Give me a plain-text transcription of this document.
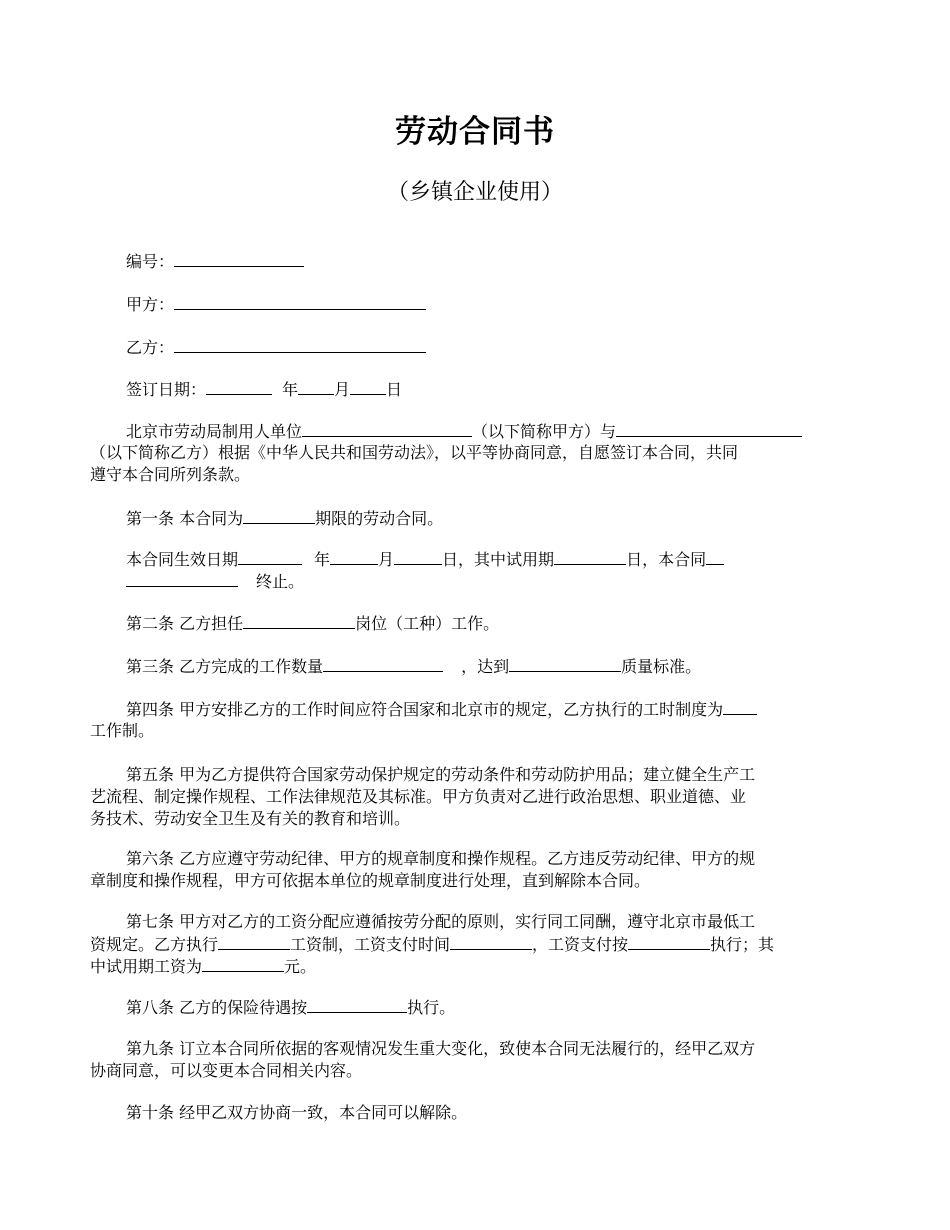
劳动合同书
（乡镇企业使用）
编号：
甲方：
乙方：
签订日期：	年 月 日
北京市劳动局制用人单位	（以下简称甲方）与
（以下简称乙方）根据《中华人民共和国劳动法》，以平等协商同意，自愿签订本合同，共同
遵守本合同所列条款。
第一条 本合同为	期限的劳动合同。
本合同生效日期	年	月	日，其中试用期	日，本合同
终止。
第二条 乙方担任	岗位（工种）工作。
第三条 乙方完成的工作数量	，达到	质量标准。
第四条 甲方安排乙方的工作时间应符合国家和北京市的规定，乙方执行的工时制度为
工作制。
第五条 甲为乙方提供符合国家劳动保护规定的劳动条件和劳动防护用品；建立健全生产工
艺流程、制定操作规程、工作法律规范及其标准。甲方负责对乙进行政治思想、职业道德、业
务技术、劳动安全卫生及有关的教育和培训。
第六条 乙方应遵守劳动纪律、甲方的规章制度和操作规程。乙方违反劳动纪律、甲方的规
章制度和操作规程，甲方可依据本单位的规章制度进行处理，直到解除本合同。
第七条 甲方对乙方的工资分配应遵循按劳分配的原则，实行同工同酬，遵守北京市最低工
资规定。乙方执行	工资制，工资支付时间	，工资支付按	执行；其
中试用期工资为	元。
第八条 乙方的保险待遇按	执行。
第九条 订立本合同所依据的客观情况发生重大变化，致使本合同无法履行的，经甲乙双方
协商同意，可以变更本合同相关内容。
第十条 经甲乙双方协商一致，本合同可以解除。
